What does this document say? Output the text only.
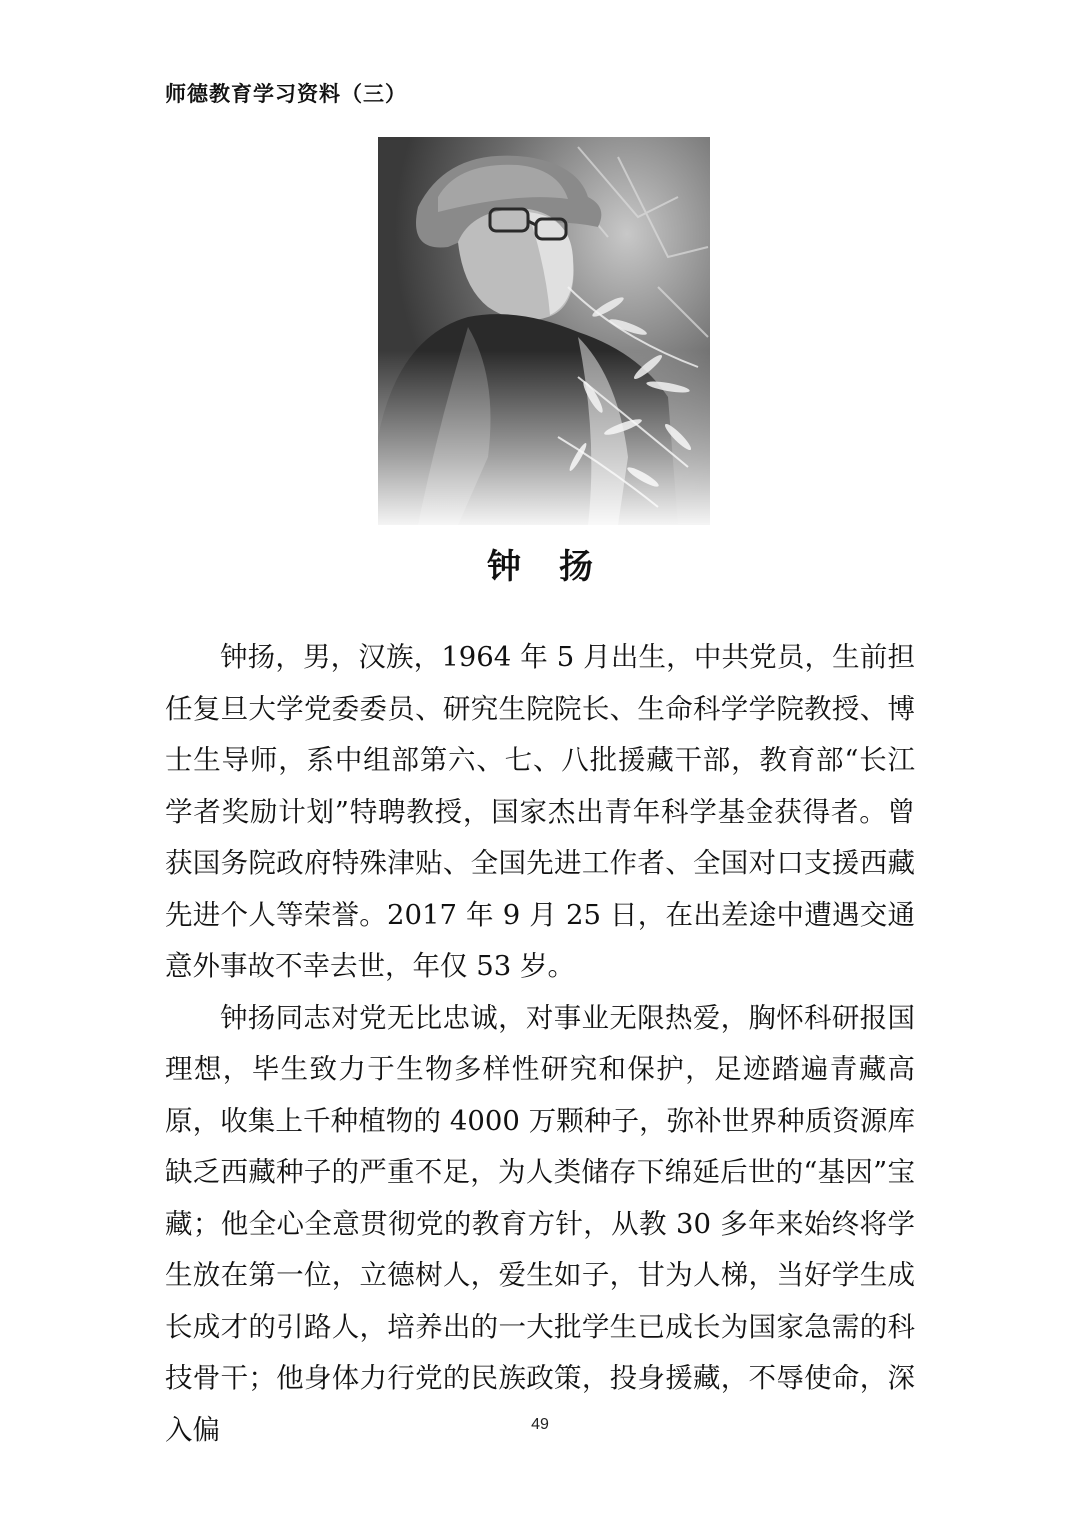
师德教育学习资料（三）
钟扬

钟扬，男，汉族，1964 年 5 月出生，中共党员，生前担任复旦大学党委委员、研究生院院长、生命科学学院教授、博士生导师，系中组部第六、七、八批援藏干部，教育部“长江学者奖励计划”特聘教授，国家杰出青年科学基金获得者。曾获国务院政府特殊津贴、全国先进工作者、全国对口支援西藏先进个人等荣誉。2017 年 9 月 25 日，在出差途中遭遇交通意外事故不幸去世，年仅 53 岁。

钟扬同志对党无比忠诚，对事业无限热爱，胸怀科研报国理想，毕生致力于生物多样性研究和保护，足迹踏遍青藏高原，收集上千种植物的 4000 万颗种子，弥补世界种质资源库缺乏西藏种子的严重不足，为人类储存下绵延后世的“基因”宝藏；他全心全意贯彻党的教育方针，从教 30 多年来始终将学生放在第一位，立德树人，爱生如子，甘为人梯，当好学生成长成才的引路人，培养出的一大批学生已成长为国家急需的科技骨干；他身体力行党的民族政策，投身援藏，不辱使命，深入偏	49
